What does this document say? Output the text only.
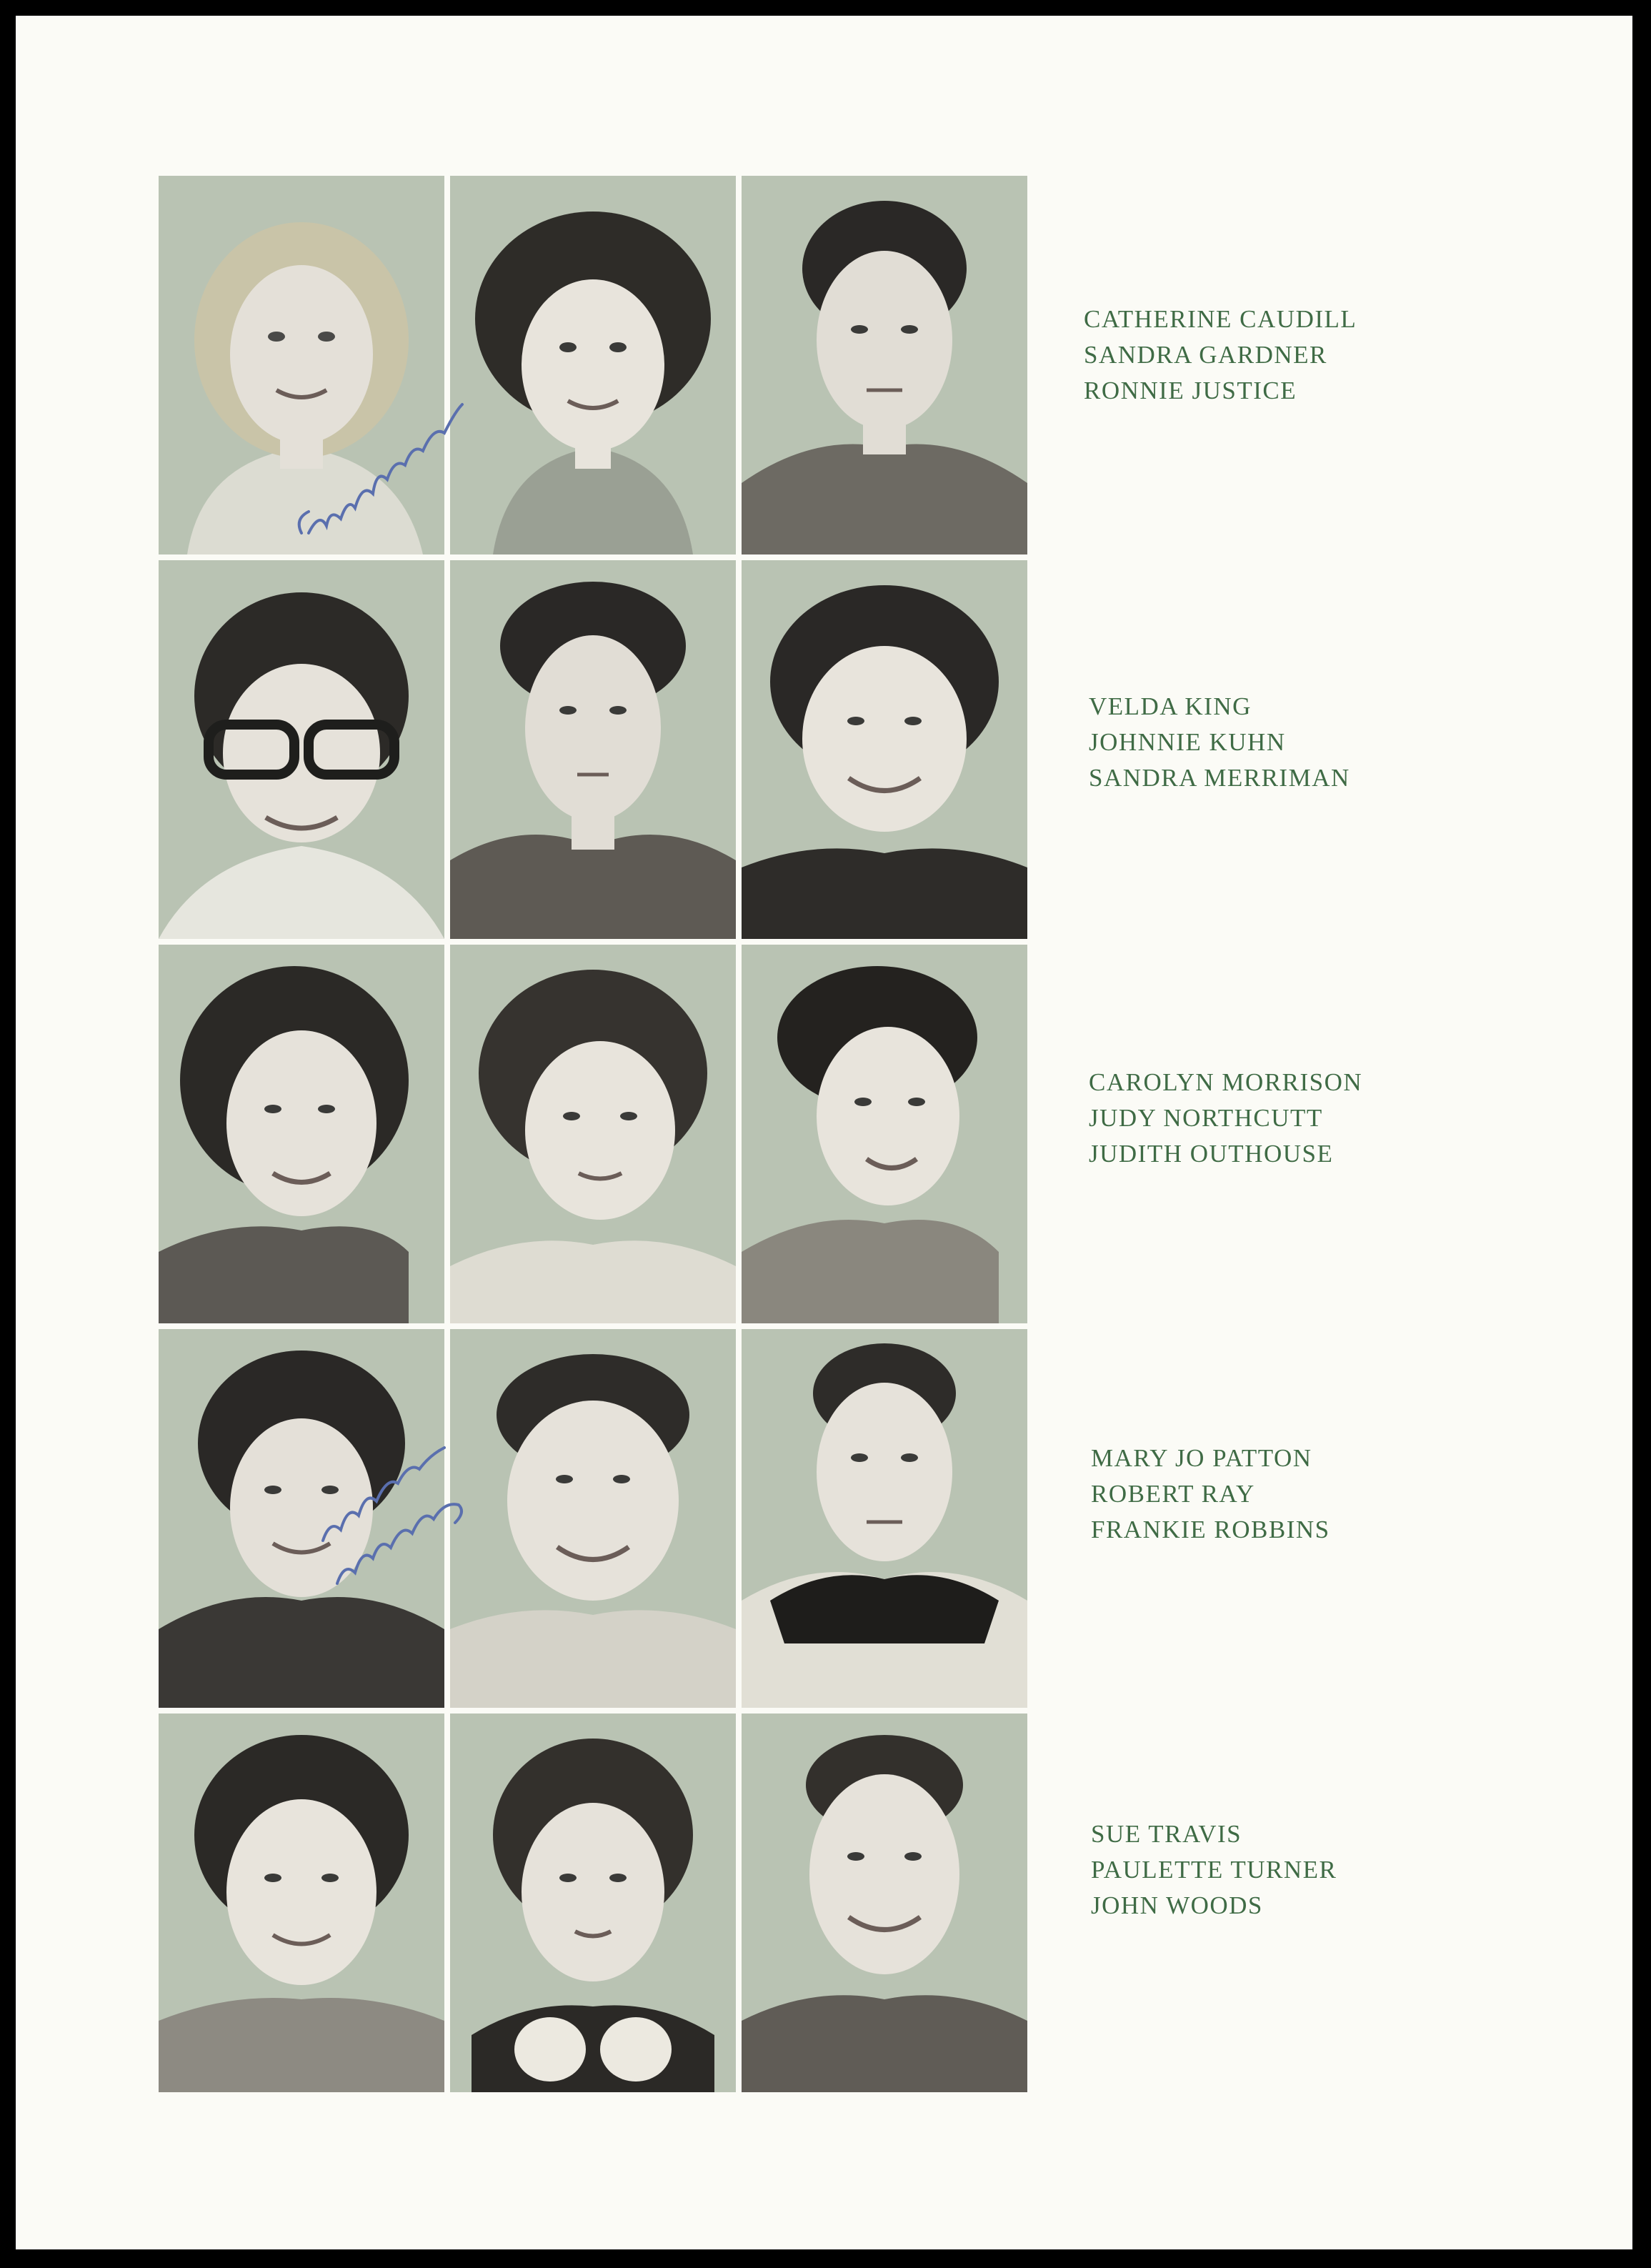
CATHERINE CAUDILL
SANDRA GARDNER
RONNIE JUSTICE
VELDA KING
JOHNNIE KUHN
SANDRA MERRIMAN
CAROLYN MORRISON
JUDY NORTHCUTT
JUDITH OUTHOUSE
MARY JO PATTON
ROBERT RAY
FRANKIE ROBBINS
SUE TRAVIS
PAULETTE TURNER
JOHN WOODS
